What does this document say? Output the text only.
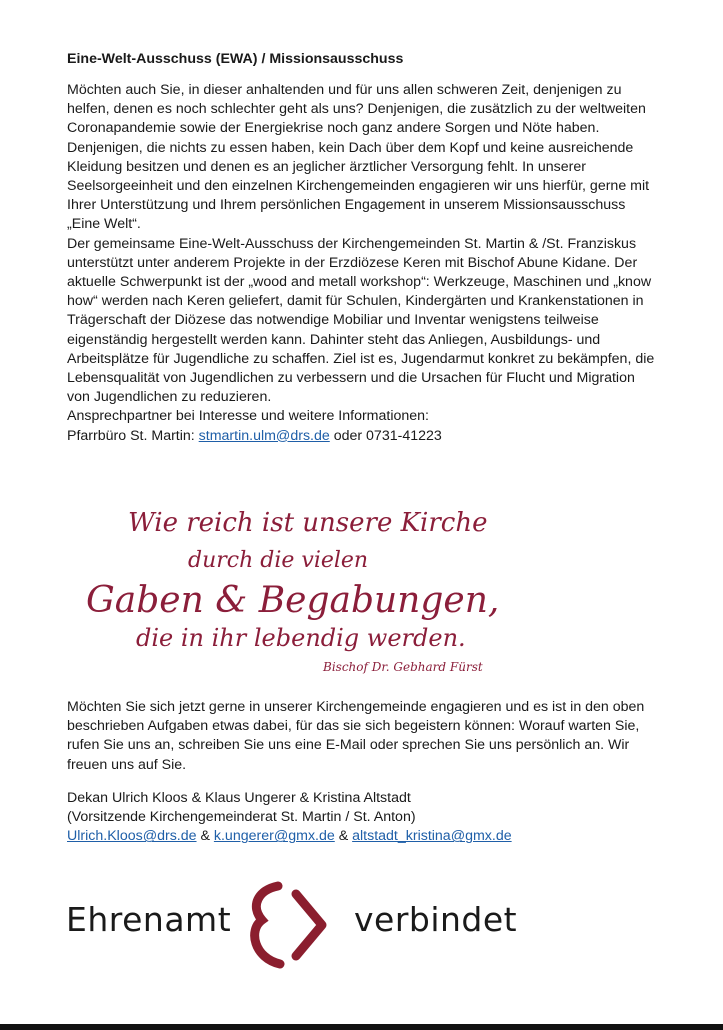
Eine-Welt-Ausschuss (EWA) / Missionsausschuss

Möchten auch Sie, in dieser anhaltenden und für uns allen schweren Zeit, denjenigen zu helfen, denen es noch schlechter geht als uns? Denjenigen, die zusätzlich zu der weltweiten Coronapandemie sowie der Energiekrise noch ganz andere Sorgen und Nöte haben. Denjenigen, die nichts zu essen haben, kein Dach über dem Kopf und keine ausreichende Kleidung besitzen und denen es an jeglicher ärztlicher Versorgung fehlt. In unserer Seelsorgeeinheit und den einzelnen Kirchengemeinden engagieren wir uns hierfür, gerne mit Ihrer Unterstützung und Ihrem persönlichen Engagement in unserem Missionsausschuss „Eine Welt“.

Der gemeinsame Eine-Welt-Ausschuss der Kirchengemeinden St. Martin & /St. Franziskus unterstützt unter anderem Projekte in der Erzdiözese Keren mit Bischof Abune Kidane. Der aktuelle Schwerpunkt ist der „wood and metall workshop“: Werkzeuge, Maschinen und „know how“ werden nach Keren geliefert, damit für Schulen, Kindergärten und Krankenstationen in Trägerschaft der Diözese das notwendige Mobiliar und Inventar wenigstens teilweise eigenständig hergestellt werden kann. Dahinter steht das Anliegen, Ausbildungs- und Arbeitsplätze für Jugendliche zu schaffen. Ziel ist es, Jugendarmut konkret zu bekämpfen, die Lebensqualität von Jugendlichen zu verbessern und die Ursachen für Flucht und Migration von Jugendlichen zu reduzieren.

Ansprechpartner bei Interesse und weitere Informationen:

Pfarrbüro St. Martin: stmartin.ulm@drs.de oder 0731-41223

Wie reich ist unsere Kirche
durch die vielen
Gaben & Begabungen,
die in ihr lebendig werden.
Bischof Dr. Gebhard Fürst

Möchten Sie sich jetzt gerne in unserer Kirchengemeinde engagieren und es ist in den oben beschrieben Aufgaben etwas dabei, für das sie sich begeistern können: Worauf warten Sie, rufen Sie uns an, schreiben Sie uns eine E-Mail oder sprechen Sie uns persönlich an. Wir freuen uns auf Sie.

Dekan Ulrich Kloos & Klaus Ungerer & Kristina Altstadt
(Vorsitzende Kirchengemeinderat St. Martin / St. Anton)
Ulrich.Kloos@drs.de & k.ungerer@gmx.de & altstadt_kristina@gmx.de
Ehrenamt	verbindet
